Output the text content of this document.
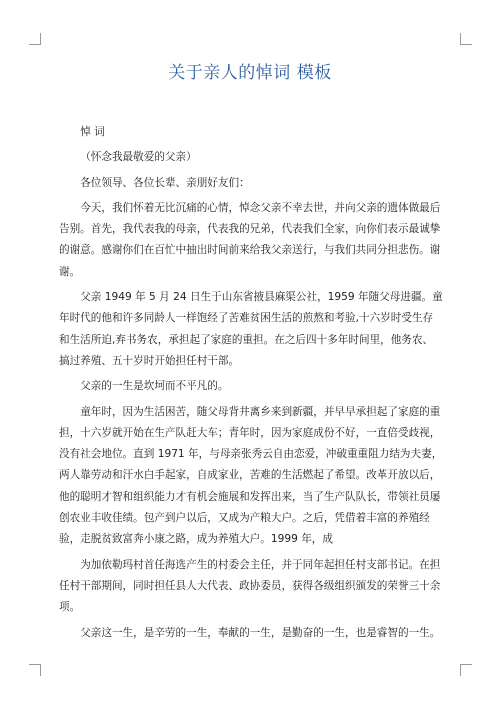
关于亲人的悼词 模板

悼 词

（怀念我最敬爱的父亲）

各位领导、各位长辈、亲朋好友们：

今天，我们怀着无比沉痛的心情，悼念父亲不幸去世，并向父亲的遗体做最后告别。首先，我代表我的母亲，代表我的兄弟，代表我们全家，向你们表示最诚挚的谢意。感谢你们在百忙中抽出时间前来给我父亲送行，与我们共同分担悲伤。谢谢。

父亲 1949 年 5 月 24 日生于山东省掖县麻渠公社，1959 年随父母进疆。童年时代的他和许多同龄人一样饱经了苦难贫困生活的煎熬和考验,十六岁时受生存和生活所迫,弃书务农，承担起了家庭的重担。在之后四十多年时间里，他务农、搞过养殖、五十岁时开始担任村干部。

父亲的一生是坎坷而不平凡的。

童年时，因为生活困苦，随父母背井离乡来到新疆，并早早承担起了家庭的重担，十六岁就开始在生产队赶大车；青年时，因为家庭成份不好，一直倍受歧视，没有社会地位。直到 1971 年，与母亲张秀云自由恋爱，冲破重重阻力结为夫妻，两人靠劳动和汗水白手起家，自成家业，苦难的生活燃起了希望。改革开放以后，他的聪明才智和组织能力才有机会施展和发挥出来，当了生产队队长，带领社员屡创农业丰收佳绩。包产到户以后，又成为产粮大户。之后，凭借着丰富的养殖经验，走脱贫致富奔小康之路，成为养殖大户。1999 年，成

为加依勒玛村首任海选产生的村委会主任，并于同年起担任村支部书记。在担任村干部期间，同时担任县人大代表、政协委员，获得各级组织颁发的荣誉三十余项。

父亲这一生，是辛劳的一生，奉献的一生，是勤奋的一生，也是睿智的一生。
